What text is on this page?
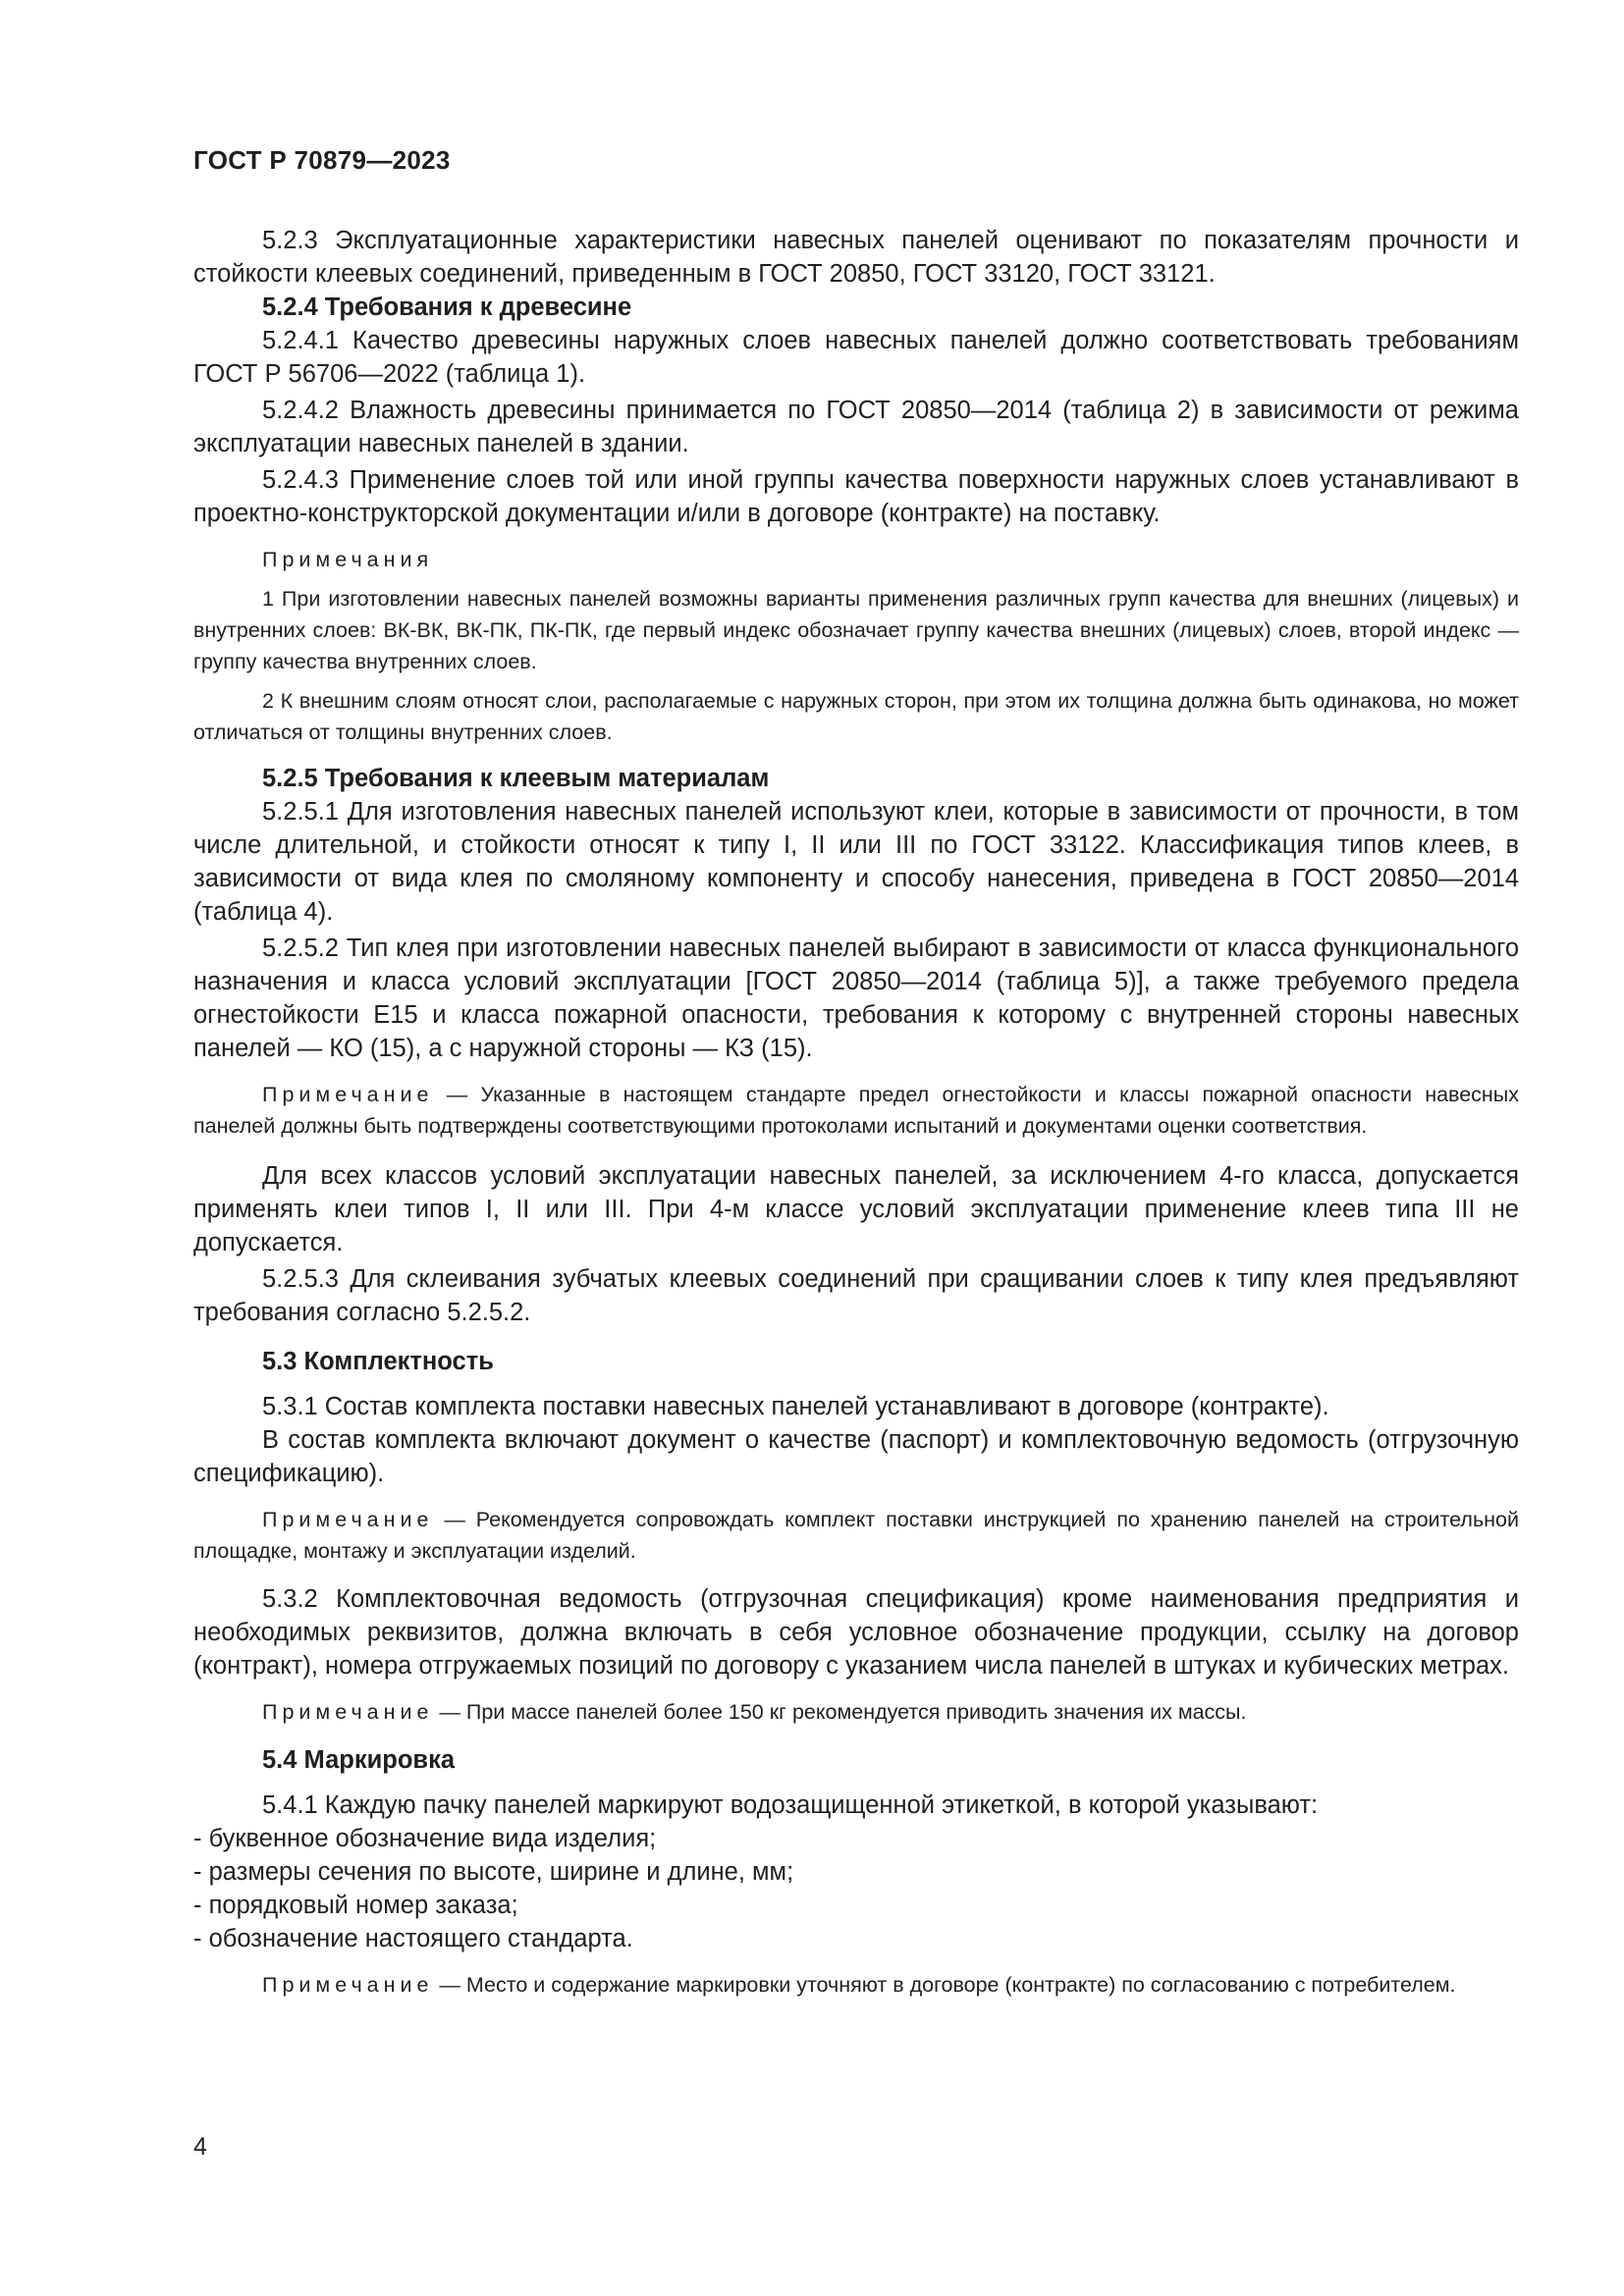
ГОСТ Р 70879—2023

5.2.3 Эксплуатационные характеристики навесных панелей оценивают по показателям прочности и стойкости клеевых соединений, приведенным в ГОСТ 20850, ГОСТ 33120, ГОСТ 33121.

5.2.4 Требования к древесине

5.2.4.1 Качество древесины наружных слоев навесных панелей должно соответствовать требованиям ГОСТ Р 56706—2022 (таблица 1).

5.2.4.2 Влажность древесины принимается по ГОСТ 20850—2014 (таблица 2) в зависимости от режима эксплуатации навесных панелей в здании.

5.2.4.3 Применение слоев той или иной группы качества поверхности наружных слоев устанавливают в проектно-конструкторской документации и/или в договоре (контракте) на поставку.

Примечания

1 При изготовлении навесных панелей возможны варианты применения различных групп качества для внешних (лицевых) и внутренних слоев: ВК-ВК, ВК-ПК, ПК-ПК, где первый индекс обозначает группу качества внешних (лицевых) слоев, второй индекс — группу качества внутренних слоев.

2 К внешним слоям относят слои, располагаемые с наружных сторон, при этом их толщина должна быть одинакова, но может отличаться от толщины внутренних слоев.

5.2.5 Требования к клеевым материалам

5.2.5.1 Для изготовления навесных панелей используют клеи, которые в зависимости от прочности, в том числе длительной, и стойкости относят к типу I, II или III по ГОСТ 33122. Классификация типов клеев, в зависимости от вида клея по смоляному компоненту и способу нанесения, приведена в ГОСТ 20850—2014 (таблица 4).

5.2.5.2 Тип клея при изготовлении навесных панелей выбирают в зависимости от класса функционального назначения и класса условий эксплуатации [ГОСТ 20850—2014 (таблица 5)], а также требуемого предела огнестойкости Е15 и класса пожарной опасности, требования к которому с внутренней стороны навесных панелей — КО (15), а с наружной стороны — КЗ (15).

Примечание — Указанные в настоящем стандарте предел огнестойкости и классы пожарной опасности навесных панелей должны быть подтверждены соответствующими протоколами испытаний и документами оценки соответствия.

Для всех классов условий эксплуатации навесных панелей, за исключением 4-го класса, допускается применять клеи типов I, II или III. При 4-м классе условий эксплуатации применение клеев типа III не допускается.

5.2.5.3 Для склеивания зубчатых клеевых соединений при сращивании слоев к типу клея предъявляют требования согласно 5.2.5.2.

5.3 Комплектность

5.3.1 Состав комплекта поставки навесных панелей устанавливают в договоре (контракте).

В состав комплекта включают документ о качестве (паспорт) и комплектовочную ведомость (отгрузочную спецификацию).

Примечание — Рекомендуется сопровождать комплект поставки инструкцией по хранению панелей на строительной площадке, монтажу и эксплуатации изделий.

5.3.2 Комплектовочная ведомость (отгрузочная спецификация) кроме наименования предприятия и необходимых реквизитов, должна включать в себя условное обозначение продукции, ссылку на договор (контракт), номера отгружаемых позиций по договору с указанием числа панелей в штуках и кубических метрах.

Примечание — При массе панелей более 150 кг рекомендуется приводить значения их массы.

5.4 Маркировка

5.4.1 Каждую пачку панелей маркируют водозащищенной этикеткой, в которой указывают:

- буквенное обозначение вида изделия;

- размеры сечения по высоте, ширине и длине, мм;

- порядковый номер заказа;

- обозначение настоящего стандарта.

Примечание — Место и содержание маркировки уточняют в договоре (контракте) по согласованию с потребителем.

4
